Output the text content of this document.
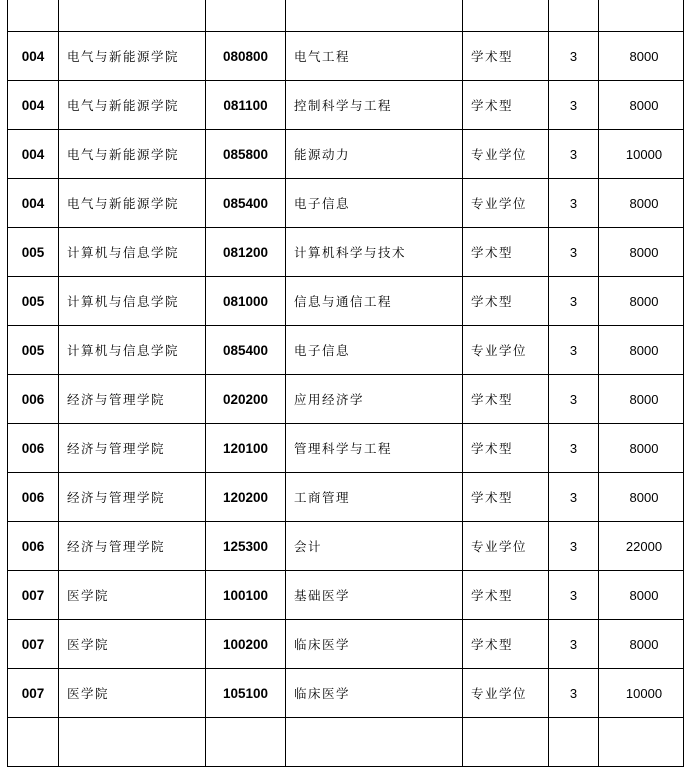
004	电气与新能源学院	080800	电气工程	学术型	3	8000
004	电气与新能源学院	081100	控制科学与工程	学术型	3	8000
004	电气与新能源学院	085800	能源动力	专业学位	3	10000
004	电气与新能源学院	085400	电子信息	专业学位	3	8000
005	计算机与信息学院	081200	计算机科学与技术	学术型	3	8000
005	计算机与信息学院	081000	信息与通信工程	学术型	3	8000
005	计算机与信息学院	085400	电子信息	专业学位	3	8000
006	经济与管理学院	020200	应用经济学	学术型	3	8000
006	经济与管理学院	120100	管理科学与工程	学术型	3	8000
006	经济与管理学院	120200	工商管理	学术型	3	8000
006	经济与管理学院	125300	会计	专业学位	3	22000
007	医学院	100100	基础医学	学术型	3	8000
007	医学院	100200	临床医学	学术型	3	8000
007	医学院	105100	临床医学	专业学位	3	10000
